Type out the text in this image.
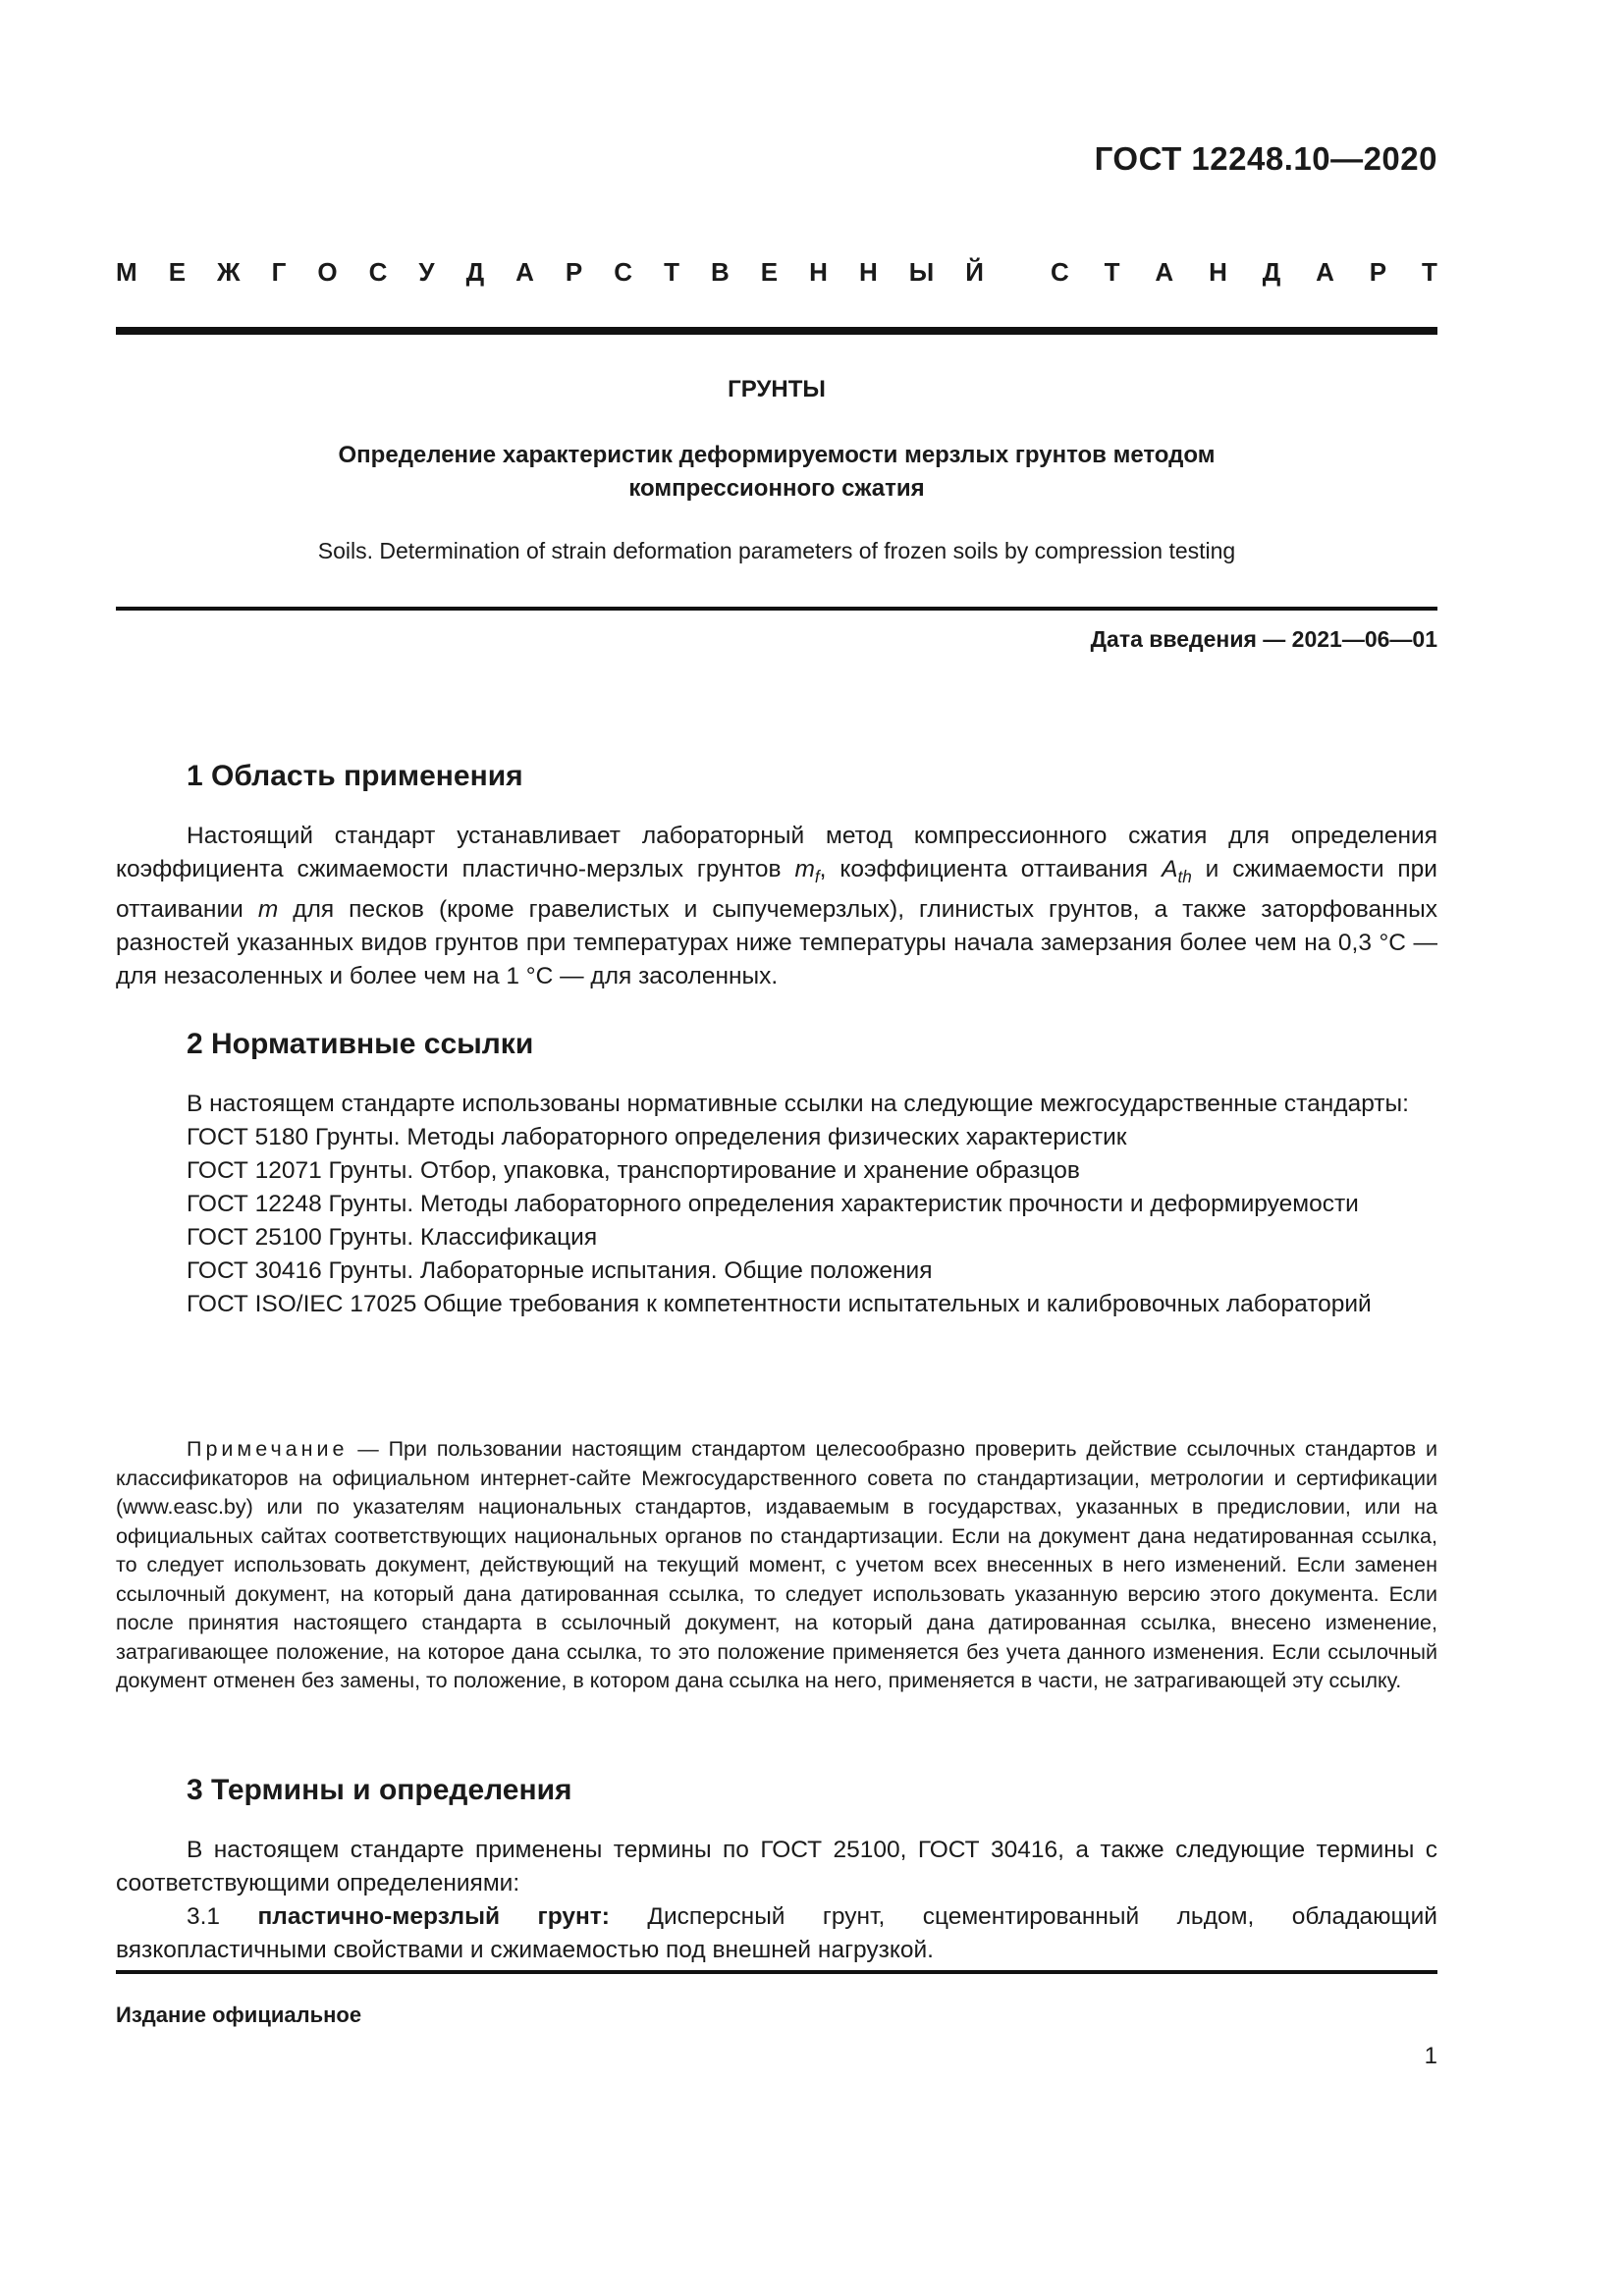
ГОСТ 12248.10—2020
М Е Ж Г О С У Д А Р С Т В Е Н Н Ы Й	С Т А Н Д А Р Т
ГРУНТЫ
Определение характеристик деформируемости мерзлых грунтов методом
компрессионного сжатия
Soils. Determination of strain deformation parameters of frozen soils by compression testing
Дата введения — 2021—06—01
1 Область применения

Настоящий стандарт устанавливает лабораторный метод компрессионного сжатия для определения коэффициента сжимаемости пластично-мерзлых грунтов $m_f$, коэффициента оттаивания $A_{th}$ и сжимаемости при оттаивании m для песков (кроме гравелистых и сыпучемерзлых), глинистых грунтов, а также заторфованных разностей указанных видов грунтов при температурах ниже температуры начала замерзания более чем на 0,3 °С — для незасоленных и более чем на 1 °С — для засоленных.

2 Нормативные ссылки

В настоящем стандарте использованы нормативные ссылки на следующие межгосударственные стандарты:

ГОСТ 5180 Грунты. Методы лабораторного определения физических характеристик

ГОСТ 12071 Грунты. Отбор, упаковка, транспортирование и хранение образцов

ГОСТ 12248 Грунты. Методы лабораторного определения характеристик прочности и деформируемости

ГОСТ 25100 Грунты. Классификация

ГОСТ 30416 Грунты. Лабораторные испытания. Общие положения

ГОСТ ISO/IEC 17025 Общие требования к компетентности испытательных и калибровочных лабораторий

Примечание — При пользовании настоящим стандартом целесообразно проверить действие ссылочных стандартов и классификаторов на официальном интернет-сайте Межгосударственного совета по стандартизации, метрологии и сертификации (www.easc.by) или по указателям национальных стандартов, издаваемым в государствах, указанных в предисловии, или на официальных сайтах соответствующих национальных органов по стандартизации. Если на документ дана недатированная ссылка, то следует использовать документ, действующий на текущий момент, с учетом всех внесенных в него изменений. Если заменен ссылочный документ, на который дана датированная ссылка, то следует использовать указанную версию этого документа. Если после принятия настоящего стандарта в ссылочный документ, на который дана датированная ссылка, внесено изменение, затрагивающее положение, на которое дана ссылка, то это положение применяется без учета данного изменения. Если ссылочный документ отменен без замены, то положение, в котором дана ссылка на него, применяется в части, не затрагивающей эту ссылку.

3 Термины и определения

В настоящем стандарте применены термины по ГОСТ 25100, ГОСТ 30416, а также следующие термины с соответствующими определениями:

3.1 пластично-мерзлый грунт: Дисперсный грунт, сцементированный льдом, обладающий вязкопластичными свойствами и сжимаемостью под внешней нагрузкой.

Издание официальное
1
